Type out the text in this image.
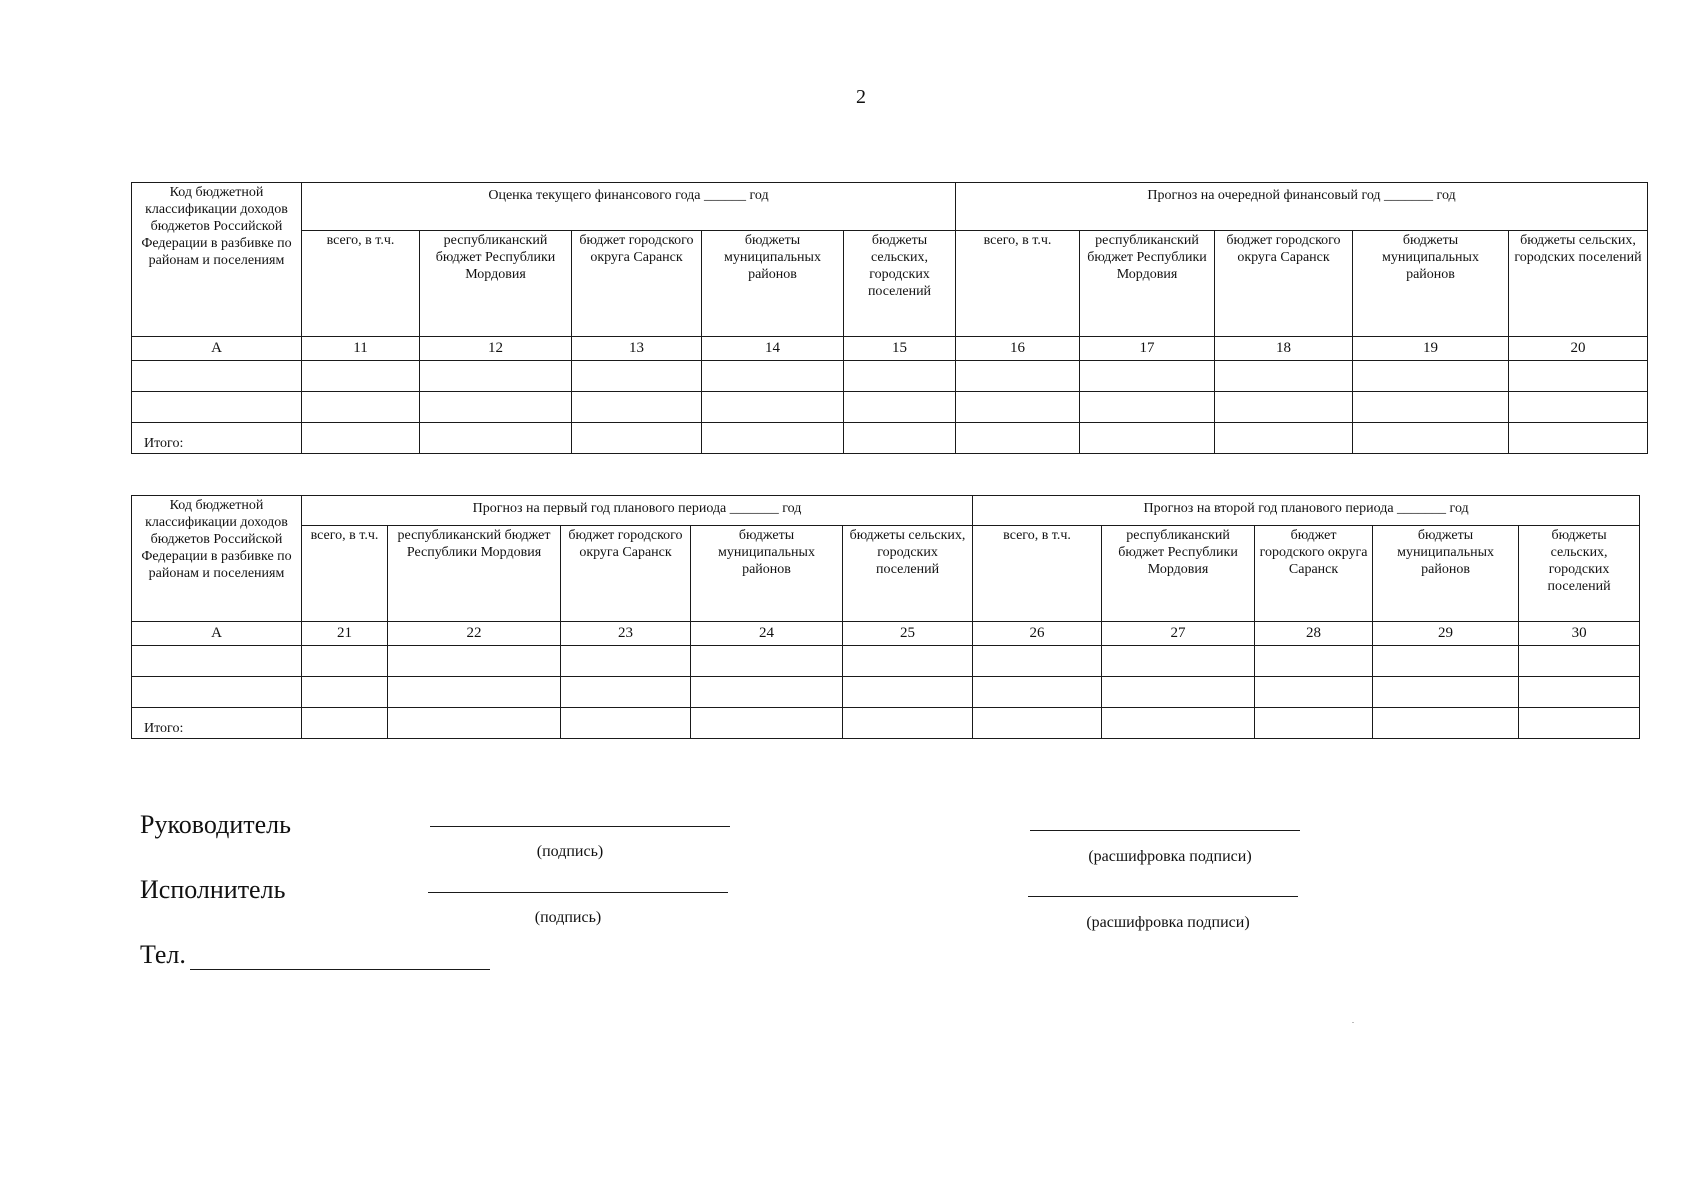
2
Код бюджетной классификации доходов бюджетов Российской Федерации в разбивке по районам и поселениям	Оценка текущего финансового года ______ год					Прогноз на очередной финансовый год _______ год				
	всего, в т.ч.	республиканский бюджет Республики Мордовия	бюджет городского округа Саранск	бюджеты муниципальных районов	бюджеты сельских, городских поселений	всего, в т.ч.	республиканский бюджет Республики Мордовия	бюджет городского округа Саранск	бюджеты муниципальных районов	бюджеты сельских, городских поселений
А	11	12	13	14	15	16	17	18	19	20

Итого:										
Код бюджетной классификации доходов бюджетов Российской Федерации в разбивке по районам и поселениям	Прогноз на первый год планового периода _______ год					Прогноз на второй год планового периода _______ год				
	всего, в т.ч.	республиканский бюджет Республики Мордовия	бюджет городского округа Саранск	бюджеты муниципальных районов	бюджеты сельских, городских поселений	всего, в т.ч.	республиканский бюджет Республики Мордовия	бюджет городского округа Саранск	бюджеты муниципальных районов	бюджеты сельских, городских поселений
А	21	22	23	24	25	26	27	28	29	30

Итого:										
Руководитель
(подпись)	(расшифровка подписи)
Исполнитель
(подпись)	(расшифровка подписи)
Тел.
